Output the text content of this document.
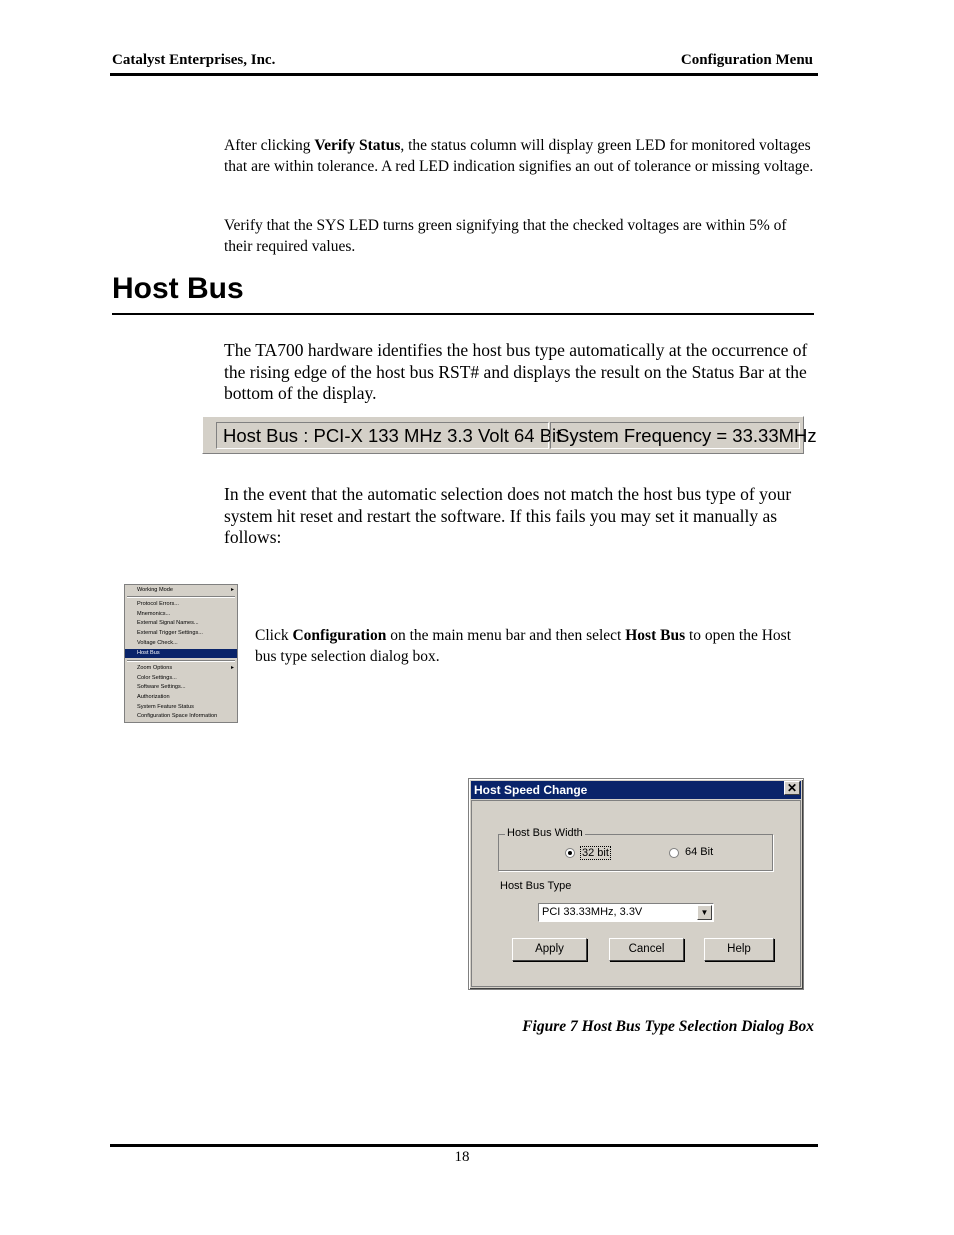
Catalyst Enterprises, Inc.	Configuration Menu
After clicking Verify Status, the status column will display green LED for monitored voltages that are within tolerance. A red LED indication signifies an out of tolerance or missing voltage.
Verify that the SYS LED turns green signifying that the checked voltages are within 5% of their required values.
Host Bus
The TA700 hardware identifies the host bus type automatically at the occurrence of the rising edge of the host bus RST# and displays the result on the Status Bar at the bottom of the display.
Host Bus : PCI-X 133 MHz 3.3 Volt 64 Bit
System Frequency = 33.33MHz
In the event that the automatic selection does not match the host bus type of your system hit reset and restart the software. If this fails you may set it manually as follows:
Working Mode	▸
Protocol Errors...
Mnemonics...
External Signal Names...
External Trigger Settings...
Voltage Check...
Host Bus
Zoom Options	▸
Color Settings...
Software Settings...
Authorization
System Feature Status
Configuration Space Information
Click Configuration on the main menu bar and then select Host Bus to open the Host bus type selection dialog box.
Host Speed Change	✕
Host Bus Width
32 bit	64 Bit
Host Bus Type
PCI 33.33MHz, 3.3V	▼
Apply	Cancel	Help
Figure 7 Host Bus Type Selection Dialog Box
18
